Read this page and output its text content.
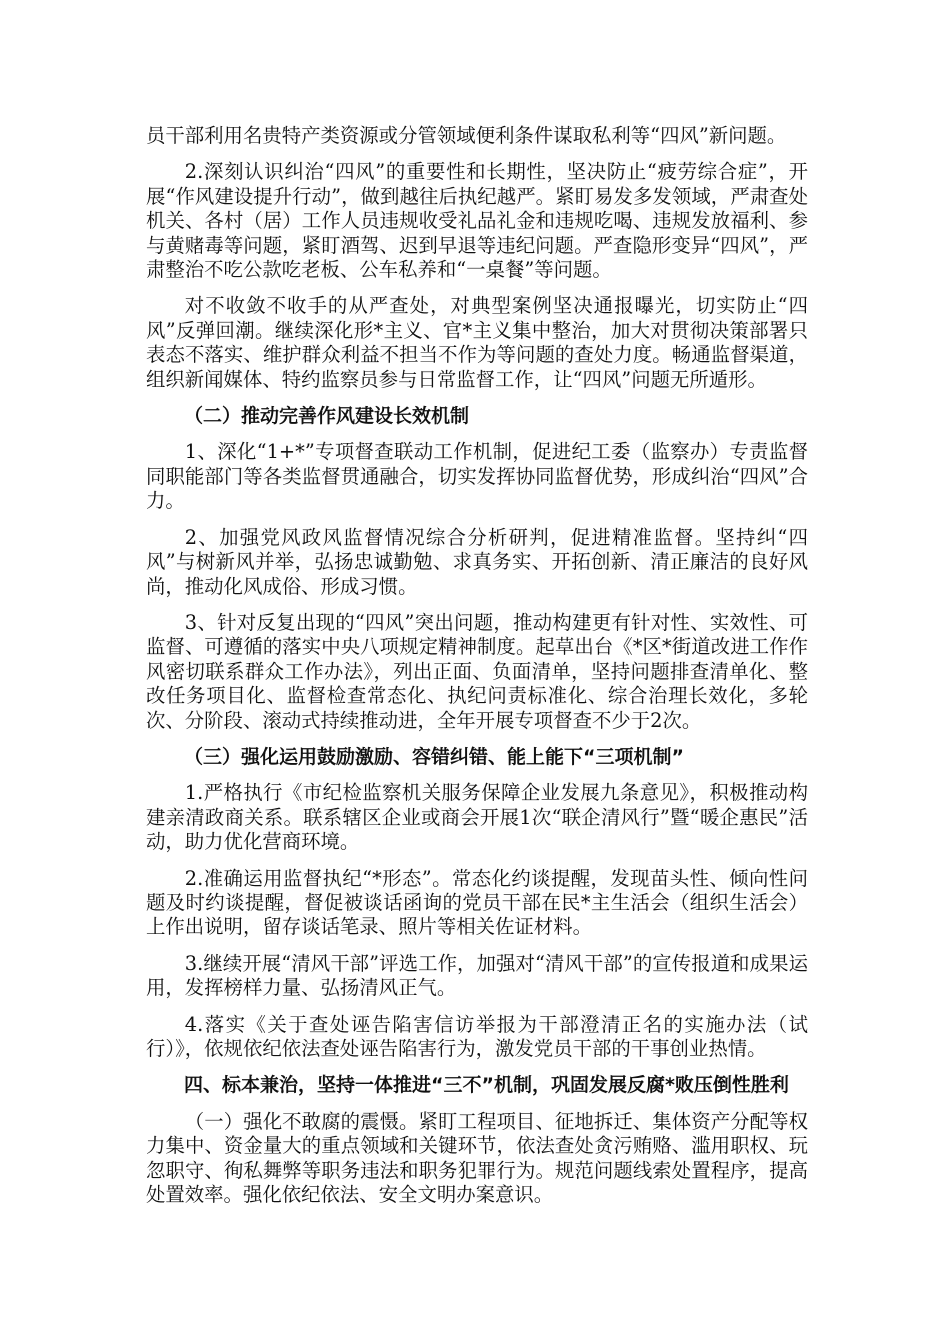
员干部利用名贵特产类资源或分管领域便利条件谋取私利等“四风”新问题。

2.深刻认识纠治“四风”的重要性和长期性，坚决防止“疲劳综合症”，开展“作风建设提升行动”，做到越往后执纪越严。紧盯易发多发领域，严肃查处机关、各村（居）工作人员违规收受礼品礼金和违规吃喝、违规发放福利、参与黄赌毒等问题，紧盯酒驾、迟到早退等违纪问题。严查隐形变异“四风”，严肃整治不吃公款吃老板、公车私养和“一桌餐”等问题。

对不收敛不收手的从严查处，对典型案例坚决通报曝光，切实防止“四风”反弹回潮。继续深化形*主义、官*主义集中整治，加大对贯彻决策部署只表态不落实、维护群众利益不担当不作为等问题的查处力度。畅通监督渠道，组织新闻媒体、特约监察员参与日常监督工作，让“四风”问题无所遁形。

（二）推动完善作风建设长效机制

1、深化“1+*”专项督查联动工作机制，促进纪工委（监察办）专责监督同职能部门等各类监督贯通融合，切实发挥协同监督优势，形成纠治“四风”合力。

2、加强党风政风监督情况综合分析研判，促进精准监督。坚持纠“四风”与树新风并举，弘扬忠诚勤勉、求真务实、开拓创新、清正廉洁的良好风尚，推动化风成俗、形成习惯。

3、针对反复出现的“四风”突出问题，推动构建更有针对性、实效性、可监督、可遵循的落实中央八项规定精神制度。起草出台《*区*街道改进工作作风密切联系群众工作办法》，列出正面、负面清单，坚持问题排查清单化、整改任务项目化、监督检查常态化、执纪问责标准化、综合治理长效化，多轮次、分阶段、滚动式持续推动进，全年开展专项督查不少于2次。

（三）强化运用鼓励激励、容错纠错、能上能下“三项机制”

1.严格执行《市纪检监察机关服务保障企业发展九条意见》，积极推动构建亲清政商关系。联系辖区企业或商会开展1次“联企清风行”暨“暖企惠民”活动，助力优化营商环境。

2.准确运用监督执纪“*形态”。常态化约谈提醒，发现苗头性、倾向性问题及时约谈提醒，督促被谈话函询的党员干部在民*主生活会（组织生活会）上作出说明，留存谈话笔录、照片等相关佐证材料。

3.继续开展“清风干部”评选工作，加强对“清风干部”的宣传报道和成果运用，发挥榜样力量、弘扬清风正气。

4.落实《关于查处诬告陷害信访举报为干部澄清正名的实施办法（试行）》，依规依纪依法查处诬告陷害行为，激发党员干部的干事创业热情。

四、标本兼治，坚持一体推进“三不”机制，巩固发展反腐*败压倒性胜利

（一）强化不敢腐的震慑。紧盯工程项目、征地拆迁、集体资产分配等权力集中、资金量大的重点领域和关键环节，依法查处贪污贿赂、滥用职权、玩忽职守、徇私舞弊等职务违法和职务犯罪行为。规范问题线索处置程序，提高处置效率。强化依纪依法、安全文明办案意识。
